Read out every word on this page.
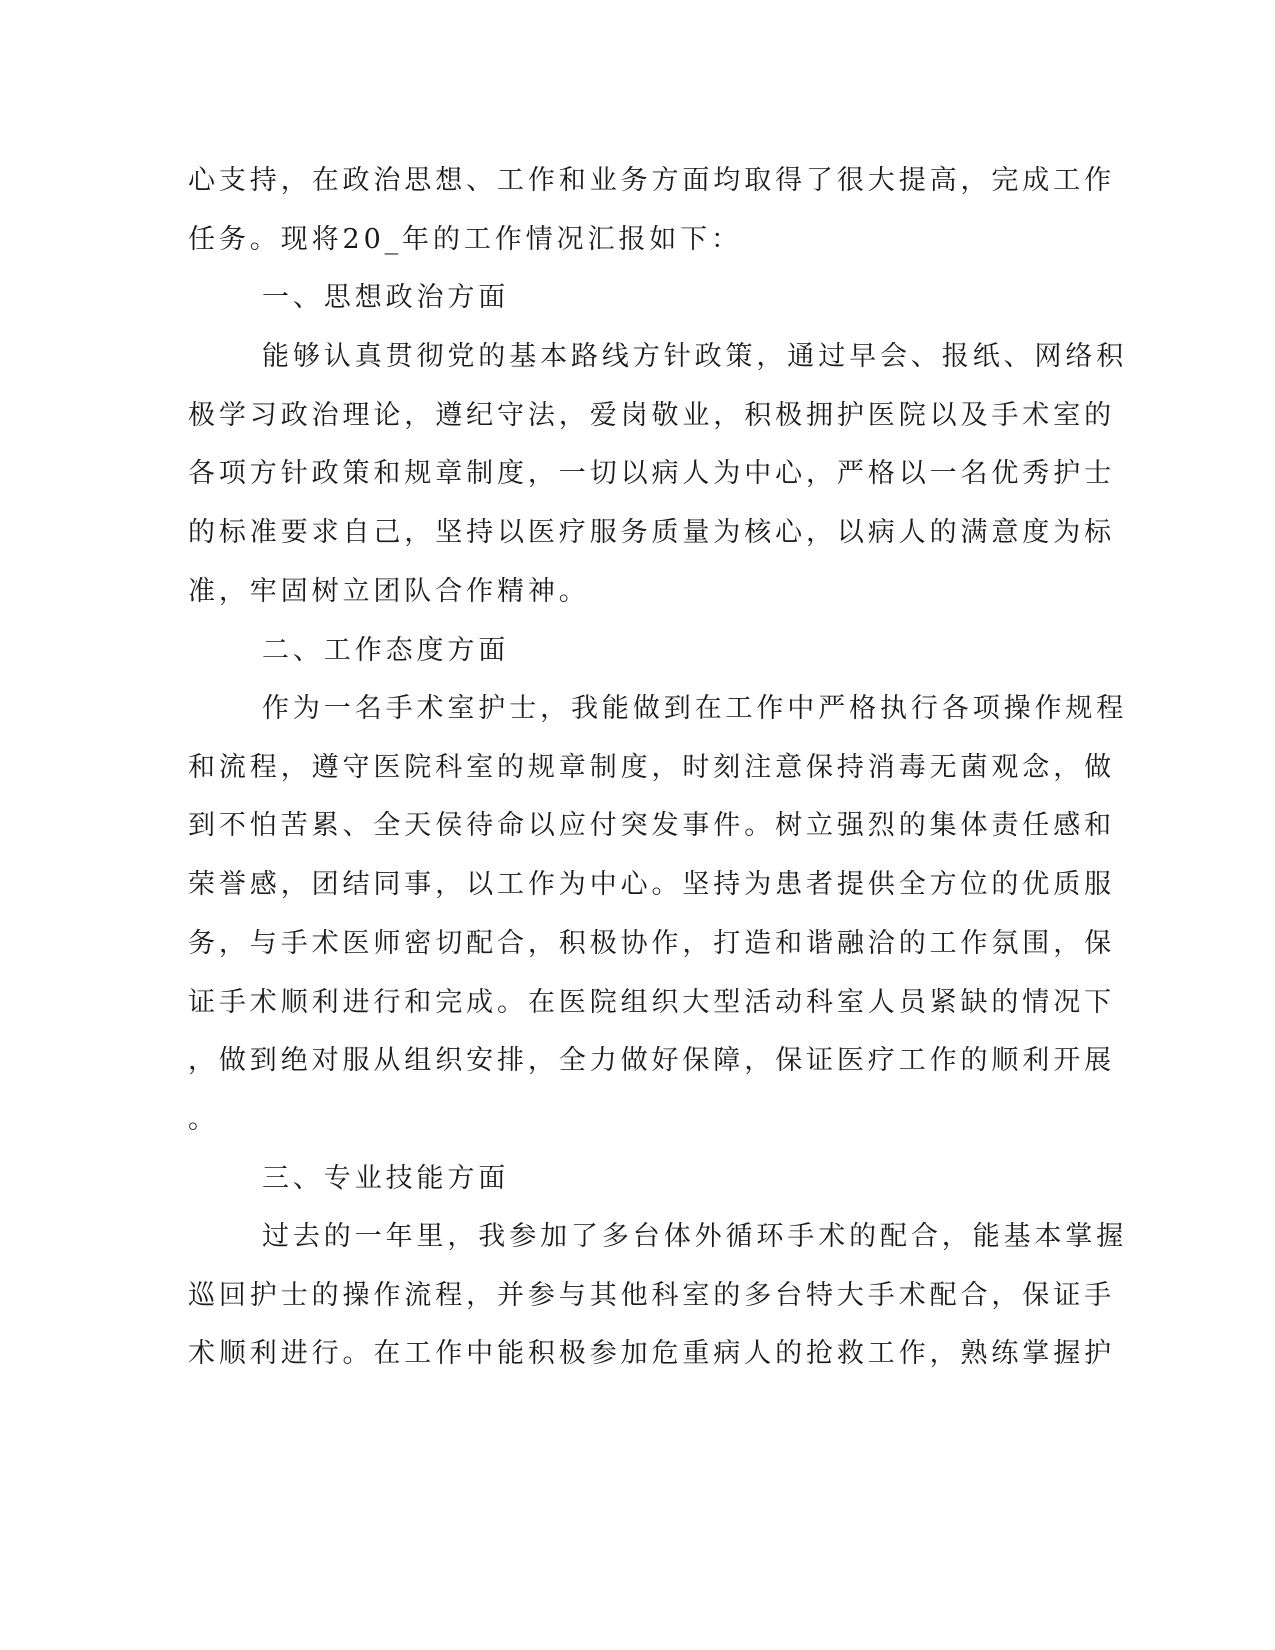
心支持，在政治思想、工作和业务方面均取得了很大提高，完成工作

任务。现将20_年的工作情况汇报如下：

一、思想政治方面

能够认真贯彻党的基本路线方针政策，通过早会、报纸、网络积

极学习政治理论，遵纪守法，爱岗敬业，积极拥护医院以及手术室的

各项方针政策和规章制度，一切以病人为中心，严格以一名优秀护士

的标准要求自己，坚持以医疗服务质量为核心，以病人的满意度为标

准，牢固树立团队合作精神。

二、工作态度方面

作为一名手术室护士，我能做到在工作中严格执行各项操作规程

和流程，遵守医院科室的规章制度，时刻注意保持消毒无菌观念，做

到不怕苦累、全天侯待命以应付突发事件。树立强烈的集体责任感和

荣誉感，团结同事，以工作为中心。坚持为患者提供全方位的优质服

务，与手术医师密切配合，积极协作，打造和谐融洽的工作氛围，保

证手术顺利进行和完成。在医院组织大型活动科室人员紧缺的情况下

，做到绝对服从组织安排，全力做好保障，保证医疗工作的顺利开展

。

三、专业技能方面

过去的一年里，我参加了多台体外循环手术的配合，能基本掌握

巡回护士的操作流程，并参与其他科室的多台特大手术配合，保证手

术顺利进行。在工作中能积极参加危重病人的抢救工作，熟练掌握护
